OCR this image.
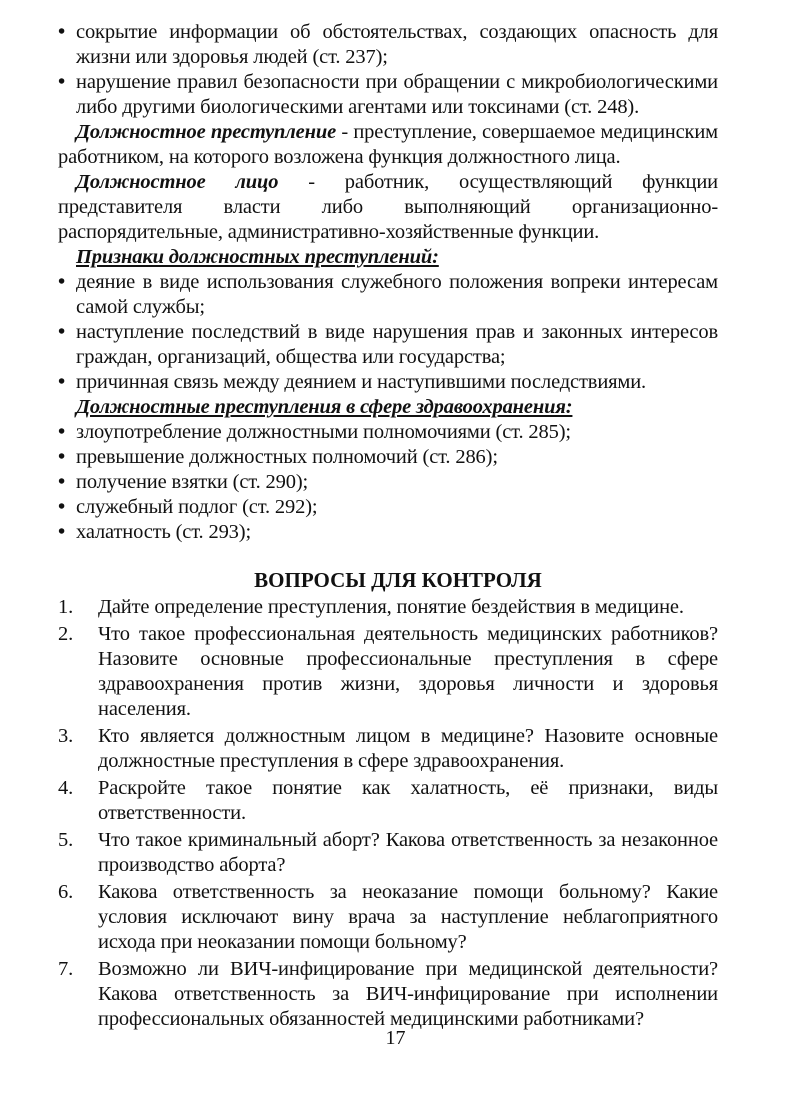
• сокрытие информации об обстоятельствах, создающих опасность для жизни или здоровья людей (ст. 237);
• нарушение правил безопасности при обращении с микробиологическими либо другими биологическими агентами или токсинами (ст. 248).

Должностное преступление - преступление, совершаемое медицинским работником, на которого возложена функция должностного лица.

Должностное лицо - работник, осуществляющий функции представителя власти либо выполняющий организационно-распорядительные, административно-хозяйственные функции.

Признаки должностных преступлений:

• деяние в виде использования служебного положения вопреки интересам самой службы;
• наступление последствий в виде нарушения прав и законных интересов граждан, организаций, общества или государства;
• причинная связь между деянием и наступившими последствиями.

Должностные преступления в сфере здравоохранения:

• злоупотребление должностными полномочиями (ст. 285);
• превышение должностных полномочий (ст. 286);
• получение взятки (ст. 290);
• служебный подлог (ст. 292);
• халатность (ст. 293);
ВОПРОСЫ ДЛЯ КОНТРОЛЯ
1. Дайте определение преступления, понятие бездействия в медицине.
2. Что такое профессиональная деятельность медицинских работников? Назовите основные профессиональные преступления в сфере здравоохранения против жизни, здоровья личности и здоровья населения.
3. Кто является должностным лицом в медицине? Назовите основные должностные преступления в сфере здравоохранения.
4. Раскройте такое понятие как халатность, её признаки, виды ответственности.
5. Что такое криминальный аборт? Какова ответственность за незаконное производство аборта?
6. Какова ответственность за неоказание помощи больному? Какие условия исключают вину врача за наступление неблагоприятного исхода при неоказании помощи больному?
7. Возможно ли ВИЧ-инфицирование при медицинской деятельности? Какова ответственность за ВИЧ-инфицирование при исполнении профессиональных обязанностей медицинскими работниками?
17
